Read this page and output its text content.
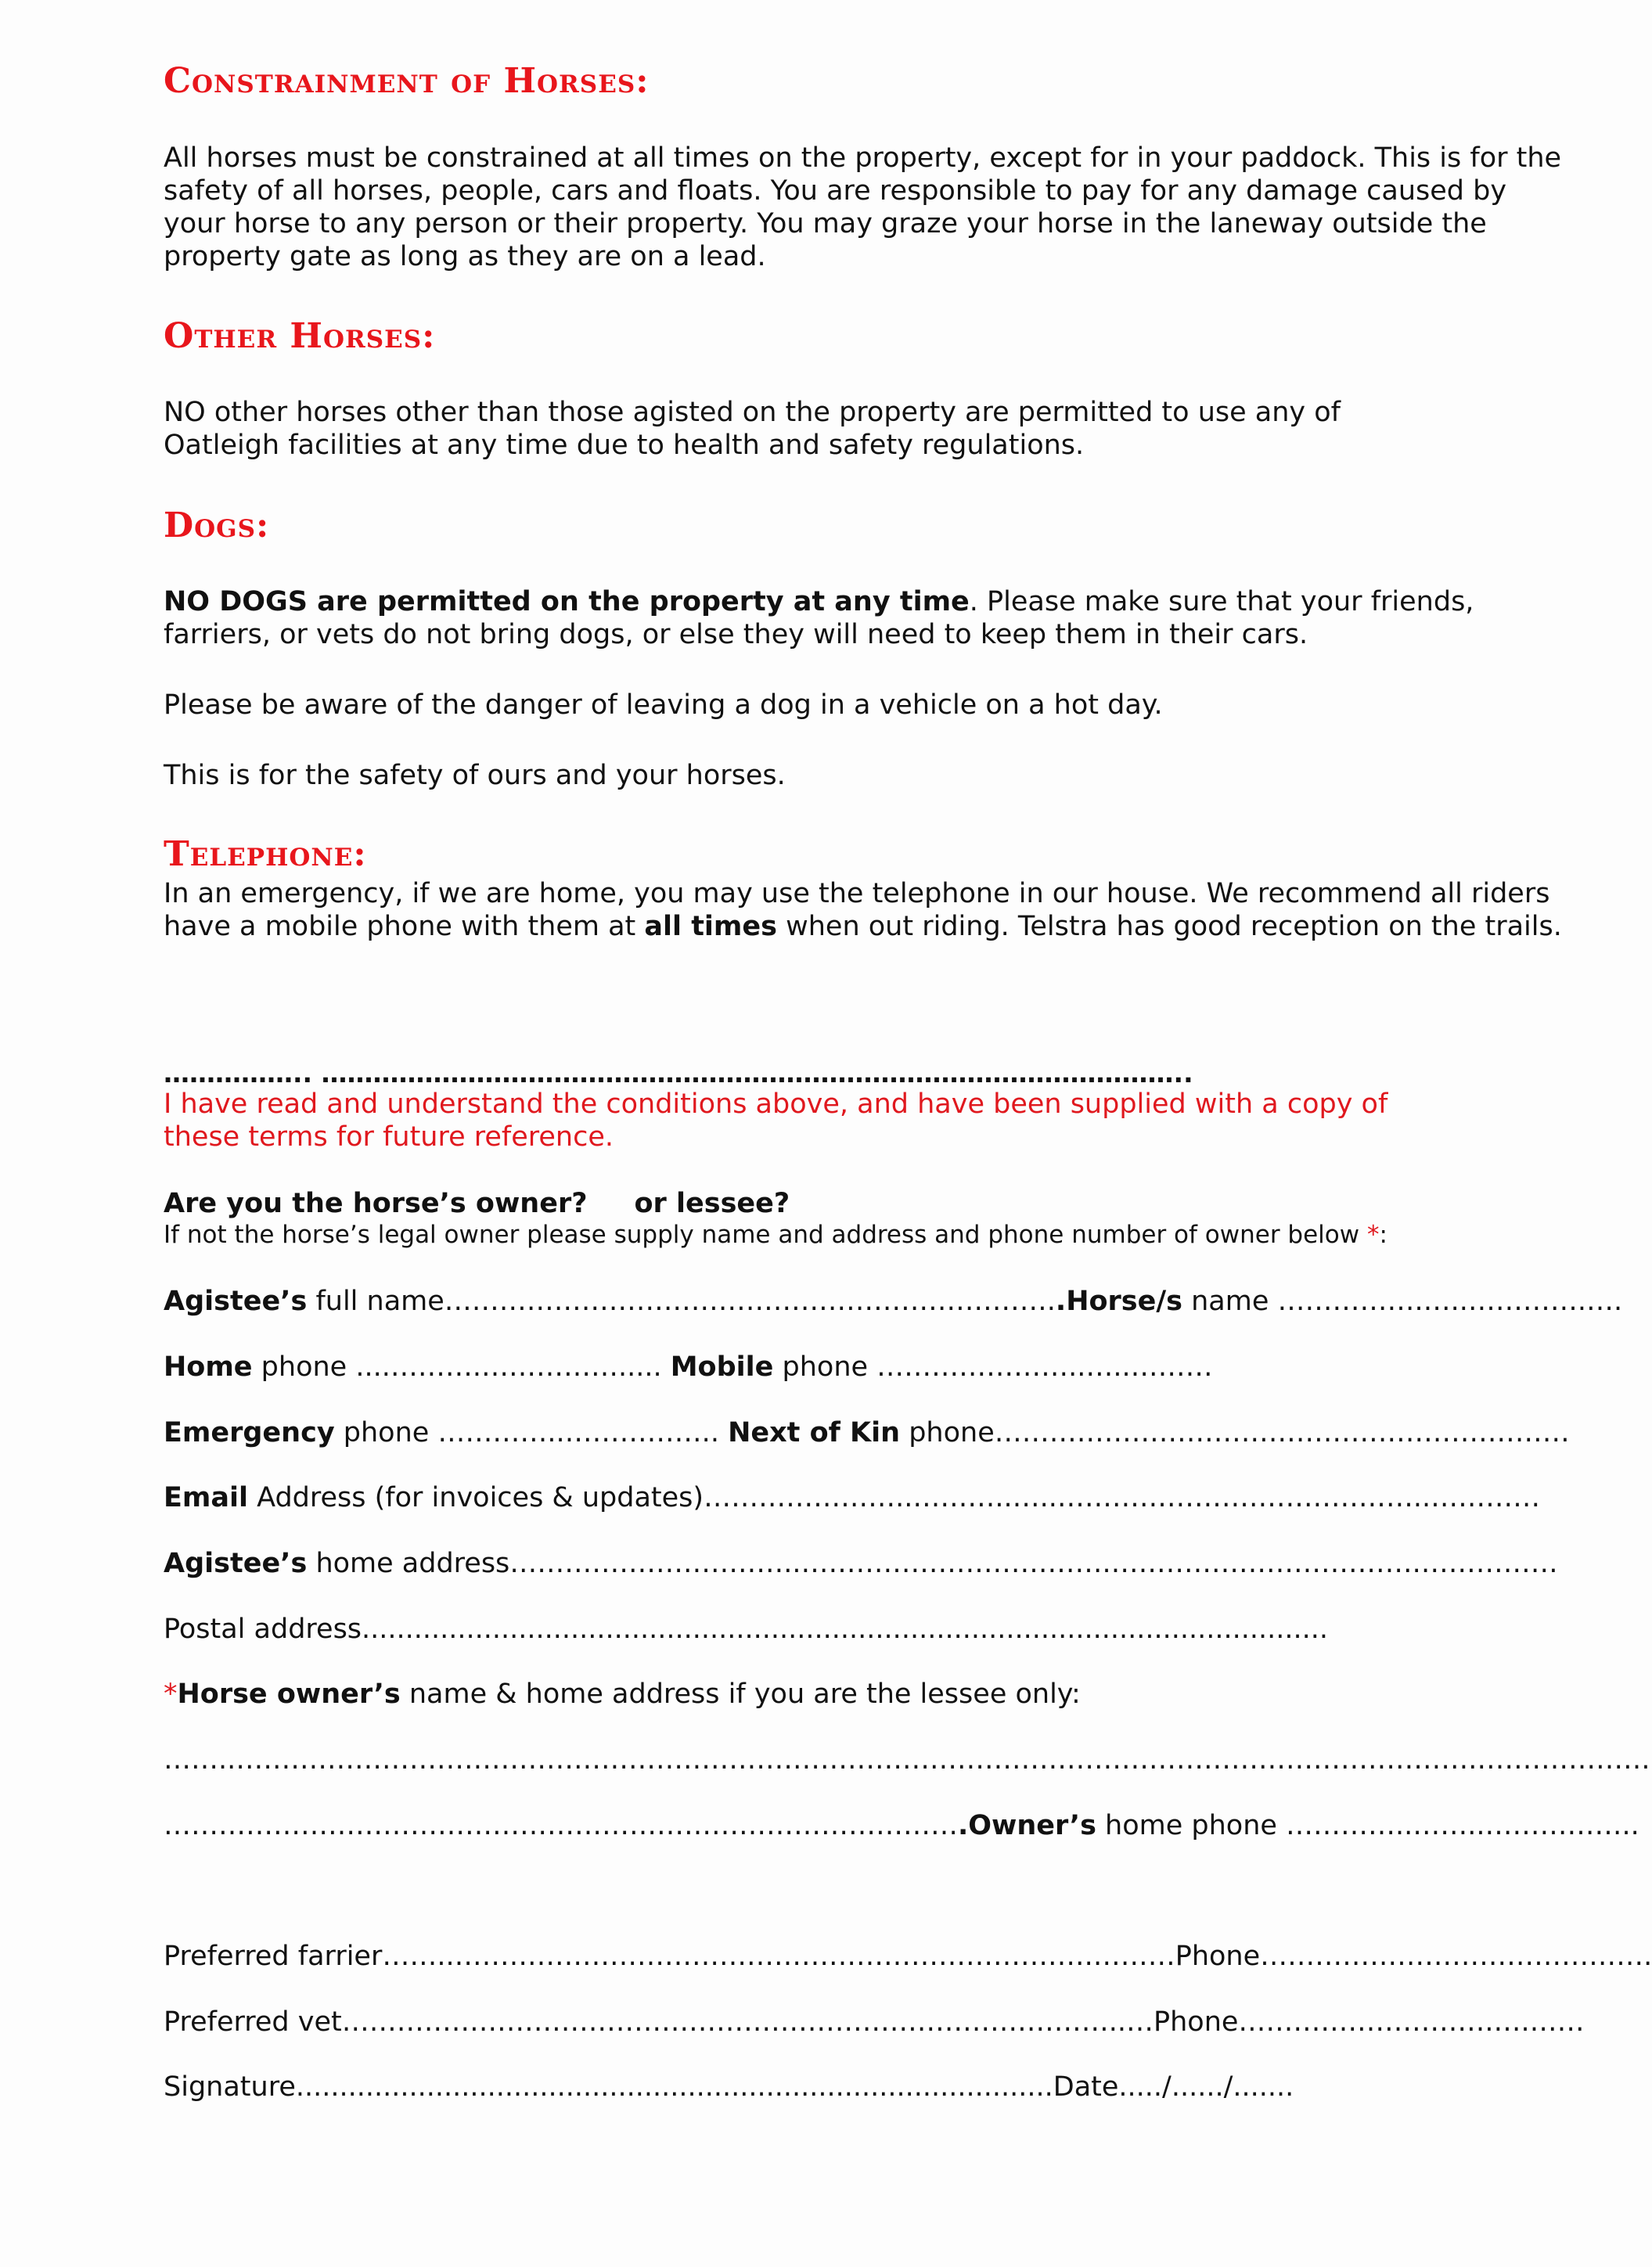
Constrainment of Horses:
All horses must be constrained at all times on the property, except for in your paddock. This is for the safety of all horses, people, cars and floats. You are responsible to pay for any damage caused by your horse to any person or their property. You may graze your horse in the laneway outside the property gate as long as they are on a lead.
Other Horses:
NO other horses other than those agisted on the property are permitted to use any of Oatleigh facilities at any time due to health and safety regulations.
Dogs:
NO DOGS are permitted on the property at any time. Please make sure that your friends, farriers, or vets do not bring dogs, or else they will need to keep them in their cars.
Please be aware of the danger of leaving a dog in a vehicle on a hot day.
This is for the safety of ours and your horses.
Telephone:
In an emergency, if we are home, you may use the telephone in our house. We recommend all riders have a mobile phone with them at all times when out riding. Telstra has good reception on the trails.
…………….. ………………………………………………………………………………………..
I have read and understand the conditions above, and have been supplied with a copy of these terms for future reference.
Are you the horse’s owner? or lessee?
If not the horse’s legal owner please supply name and address and phone number of owner below *:
Agistee’s full name…………………………………………………………..Horse/s name …………….…..………….….
Home phone ....……….……………..... Mobile phone …………………..…..………
Emergency phone …………..…………….. Next of Kin phone………………………………………………………
Email Address (for invoices & updates)…………………..………..…..…………………………………..…………
Agistee’s home address…………………………..…………………………….…………………………….……………
Postal address...............................................................................................................
*Horse owner’s name & home address if you are the lessee only:
……..……………………………………………………………………………………………………………………….……………….
…………………………………………………………………………….Owner’s home phone …………..……..……………..
Preferred farrier……..…………………………………………………………….………Phone…………………………………….
Preferred vet…………………………………………………………………………..…Phone……………………….….……
Signature.......................................................................................Date...../....../.......
